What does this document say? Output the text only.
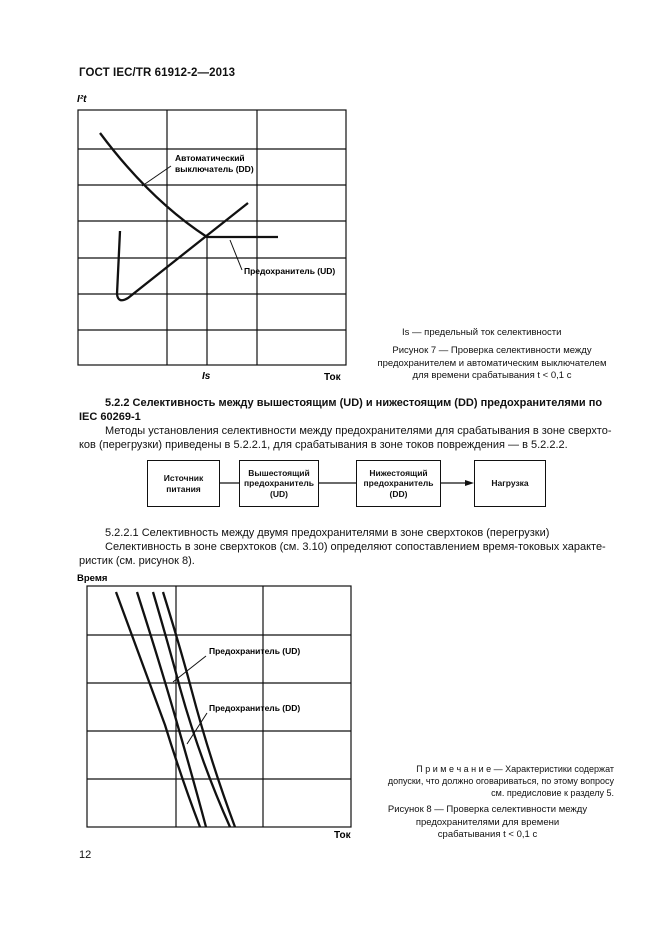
ГОСТ IEC/TR 61912-2—2013
Автоматический
выключатель (DD)
Предохранитель (UD)
I²t
Ток
Is
Is — предельный ток селективности
Рисунок 7 — Проверка селективности между
предохранителем и автоматическим выключателем
для времени срабатывания t < 0,1 с
5.2.2 Селективность между вышестоящим (UD) и нижестоящим (DD) предохранителями по
IEC 60269-1
Методы установления селективности между предохранителями для срабатывания в зоне сверхто-
ков (перегрузки) приведены в 5.2.2.1, для срабатывания в зоне токов повреждения — в 5.2.2.2.
Источник питания
Вышестоящий предохранитель (UD)
Нижестоящий предохранитель (DD)
Нагрузка
5.2.2.1 Селективность между двумя предохранителями в зоне сверхтоков (перегрузки)
Селективность в зоне сверхтоков (см. 3.10) определяют сопоставлением время-токовых характе-
ристик (см. рисунок 8).
Предохранитель (UD)
Предохранитель (DD)
Время
Ток
П р и м е ч а н и е — Характеристики содержат
допуски, что должно оговариваться, по этому вопросу
см. предисловие к разделу 5.
Рисунок 8 — Проверка селективности между
предохранителями для времени
срабатывания t < 0,1 с
12
